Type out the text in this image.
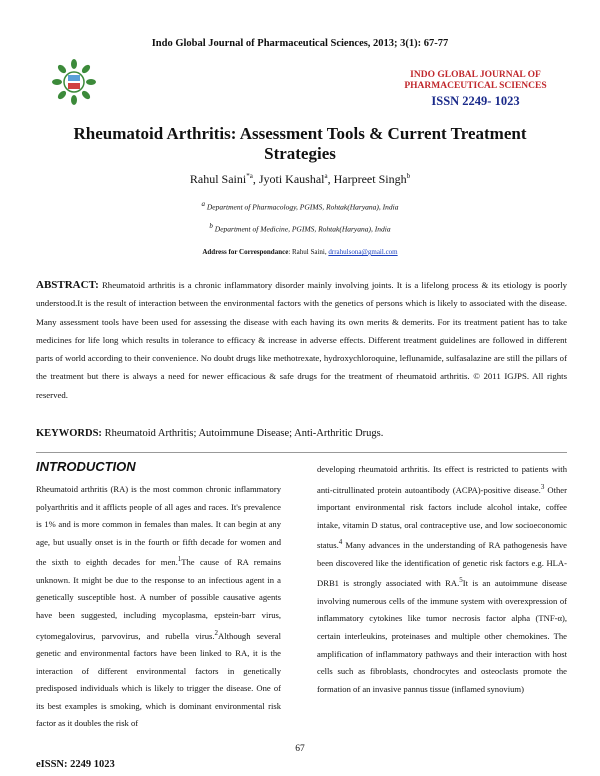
Indo Global Journal of Pharmaceutical Sciences, 2013; 3(1): 67-77
INDO GLOBAL JOURNAL OF
PHARMACEUTICAL SCIENCES
ISSN 2249- 1023
Rheumatoid Arthritis: Assessment Tools & Current Treatment
Strategies
Rahul Saini$^{*a}$, Jyoti Kaushal$^a$, Harpreet Singh$^b$
$^a$ Department of Pharmacology, PGIMS, Rohtak(Haryana), India
$^b$ Department of Medicine, PGIMS, Rohtak(Haryana), India
Address for Correspondance: Rahul Saini, drrahulsona@gmail.com
ABSTRACT: Rheumatoid arthritis is a chronic inflammatory disorder mainly involving joints. It is a lifelong process & its etiology is poorly understood.It is the result of interaction between the environmental factors with the genetics of persons which is likely to associated with the disease. Many assessment tools have been used for assessing the disease with each having its own merits & demerits. For its treatment patient has to take medicines for life long which results in tolerance to efficacy & increase in adverse effects. Different treatment guidelines are followed in different parts of world according to their convenience. No doubt drugs like methotrexate, hydroxychloroquine, leflunamide, sulfasalazine are still the pillars of the treatment but there is always a need for newer efficacious & safe drugs for the treatment of rheumatoid arthritis. © 2011 IGJPS. All rights reserved.
KEYWORDS: Rheumatoid Arthritis; Autoimmune Disease; Anti-Arthritic Drugs.
INTRODUCTION
Rheumatoid arthritis (RA) is the most common chronic inflammatory polyarthritis and it afflicts people of all ages and races. It's prevalence is 1% and is more common in females than males. It can begin at any age, but usually onset is in the fourth or fifth decade for women and the sixth to eighth decades for men.$^1$The cause of RA remains unknown. It might be due to the response to an infectious agent in a genetically susceptible host. A number of possible causative agents have been suggested, including mycoplasma, epstein-barr virus, cytomegalovirus, parvovirus, and rubella virus.$^2$Although several genetic and environmental factors have been linked to RA, it is the interaction of different environmental factors in genetically predisposed individuals which is likely to trigger the disease. One of its best examples is smoking, which is dominant environmental risk factor as it doubles the risk of
developing rheumatoid arthritis. Its effect is restricted to patients with anti-citrullinated protein autoantibody (ACPA)-positive disease.$^3$ Other important environmental risk factors include alcohol intake, coffee intake, vitamin D status, oral contraceptive use, and low socioeconomic status.$^4$ Many advances in the understanding of RA pathogenesis have been discovered like the identification of genetic risk factors e.g. HLA-DRB1 is strongly associated with RA.$^5$It is an autoimmune disease involving numerous cells of the immune system with overexpression of inflammatory cytokines like tumor necrosis factor alpha (TNF-α), certain interleukins, proteinases and multiple other chemokines. The amplification of inflammatory pathways and their interaction with host cells such as fibroblasts, chondrocytes and osteoclasts promote the formation of an invasive pannus tissue (inflamed synovium)
67
eISSN: 2249 1023
